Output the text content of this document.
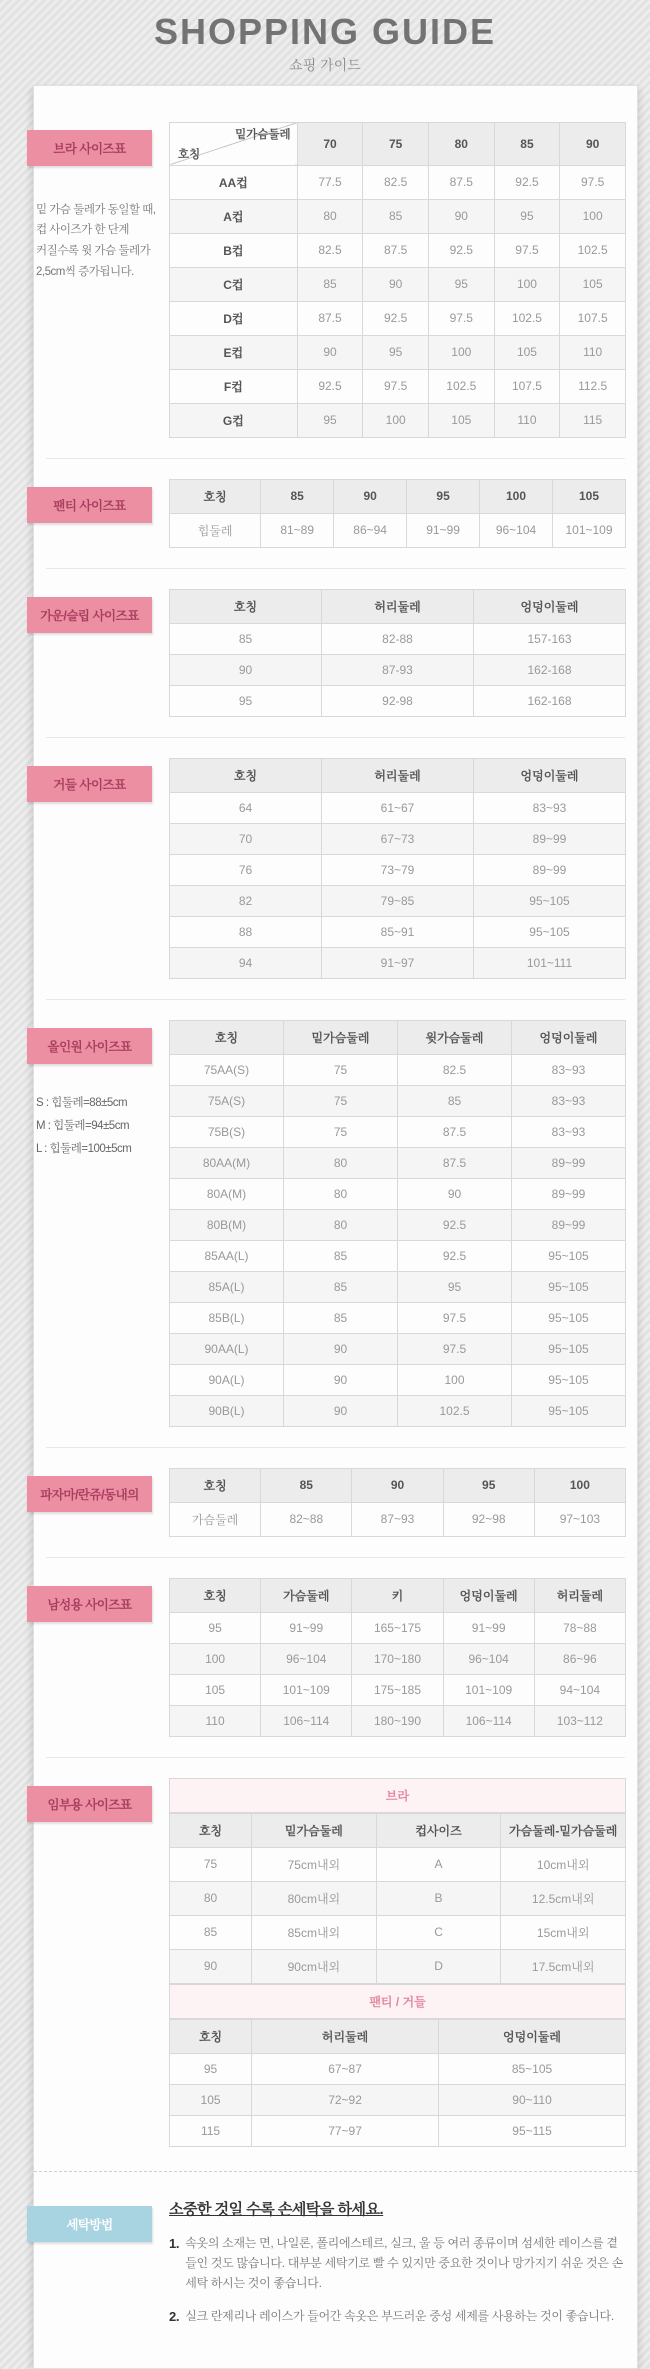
SHOPPING GUIDE
쇼핑 가이드
브라 사이즈표
밑 가슴 둘레가 동일할 때,
컵 사이즈가 한 단계
커질수록 윗 가슴 둘레가
2,5cm씩 증가됩니다.
밑가슴둘레
호칭	70	75	80	85	90
AA컵	77.5	82.5	87.5	92.5	97.5
A컵	80	85	90	95	100
B컵	82.5	87.5	92.5	97.5	102.5
C컵	85	90	95	100	105
D컵	87.5	92.5	97.5	102.5	107.5
E컵	90	95	100	105	110
F컵	92.5	97.5	102.5	107.5	112.5
G컵	95	100	105	110	115
팬티 사이즈표
호칭	85	90	95	100	105
힙둘레	81~89	86~94	91~99	96~104	101~109
가운/슬립 사이즈표
호칭	허리둘레	엉덩이둘레
85	82-88	157-163
90	87-93	162-168
95	92-98	162-168
거들 사이즈표
호칭	허리둘레	엉덩이둘레
64	61~67	83~93
70	67~73	89~99
76	73~79	89~99
82	79~85	95~105
88	85~91	95~105
94	91~97	101~111
올인원 사이즈표
S : 힙둘레=88±5cm
M : 힙둘레=94±5cm
L : 힙둘레=100±5cm
호칭	밑가슴둘레	윗가슴둘레	엉덩이둘레
75AA(S)	75	82.5	83~93
75A(S)	75	85	83~93
75B(S)	75	87.5	83~93
80AA(M)	80	87.5	89~99
80A(M)	80	90	89~99
80B(M)	80	92.5	89~99
85AA(L)	85	92.5	95~105
85A(L)	85	95	95~105
85B(L)	85	97.5	95~105
90AA(L)	90	97.5	95~105
90A(L)	90	100	95~105
90B(L)	90	102.5	95~105
파자마/란쥬/동내의
호칭	85	90	95	100
가슴둘레	82~88	87~93	92~98	97~103
남성용 사이즈표
호칭	가슴둘레	키	엉덩이둘레	허리둘레
95	91~99	165~175	91~99	78~88
100	96~104	170~180	96~104	86~96
105	101~109	175~185	101~109	94~104
110	106~114	180~190	106~114	103~112
임부용 사이즈표
브라
호칭	밑가슴둘레	컵사이즈	가슴둘레-밑가슴둘레
75	75cm내외	A	10cm내외
80	80cm내외	B	12.5cm내외
85	85cm내외	C	15cm내외
90	90cm내외	D	17.5cm내외
팬티 / 거들
호칭	허리둘레	엉덩이둘레
95	67~87	85~105
105	72~92	90~110
115	77~97	95~115
세탁방법
소중한 것일 수록 손세탁을 하세요.
1. 속옷의 소재는 면, 나일론, 폴리에스테르, 실크, 울 등 여러 종류이며 섬세한 레이스를 곁들인 것도 많습니다. 대부분 세탁기로 빨 수 있지만 중요한 것이나 망가지기 쉬운 것은 손세탁 하시는 것이 좋습니다.
2. 실크 란제리나 레이스가 들어간 속옷은 부드러운 중성 세제를 사용하는 것이 좋습니다.
